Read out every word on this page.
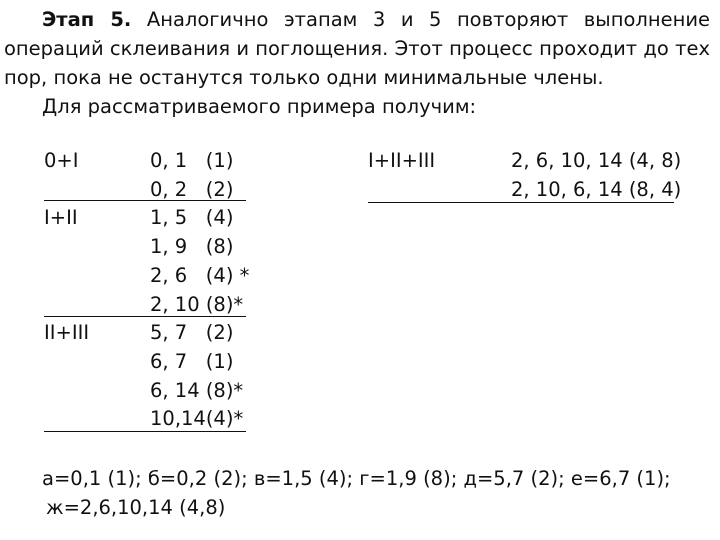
Этап 5. Аналогично этапам 3 и 5 повторяют выполнение
операций склеивания и поглощения. Этот процесс проходит до тех
пор, пока не останутся только одни минимальные члены.

Для рассматриваемого примера получим:

0+I

I+II

II+III

0, 1   (1)

0, 2   (2)

1, 5   (4)

1, 9   (8)

2, 6   (4) *

2, 10 (8)*

5, 7   (2)

6, 7   (1)

6, 14 (8)*

10,14(4)*

I+II+III	2, 6, 10, 14 (4, 8)

2, 10, 6, 14 (8, 4)

а=0,1 (1); б=0,2 (2); в=1,5 (4); г=1,9 (8); д=5,7 (2); е=6,7 (1);

ж=2,6,10,14 (4,8)
